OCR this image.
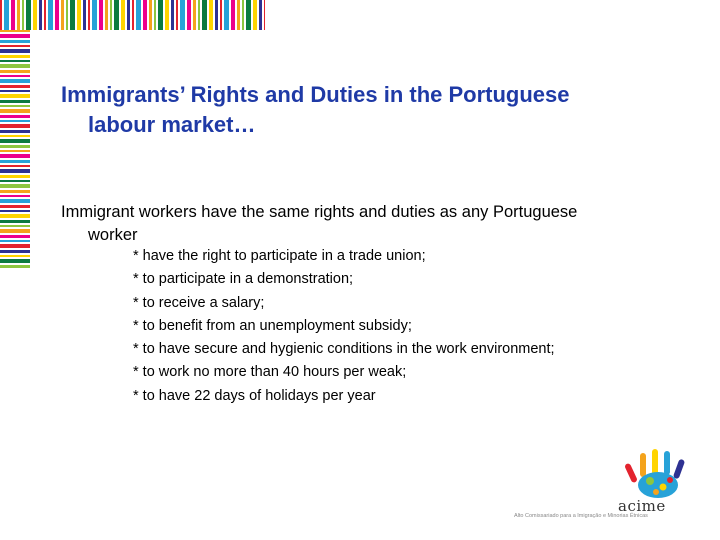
Immigrants’ Rights and Duties in the Portuguese
labour market…
Immigrant workers have the same rights and duties as any Portuguese
worker
* have the right to participate in a trade union;
* to participate in a demonstration;
* to receive a salary;
* to benefit from an unemployment subsidy;
* to have secure and hygienic conditions in the work environment;
* to work no more than 40 hours per weak;
* to have 22 days of holidays per year
acime
Alto Comissariado para a Imigração e Minorias Étnicas
